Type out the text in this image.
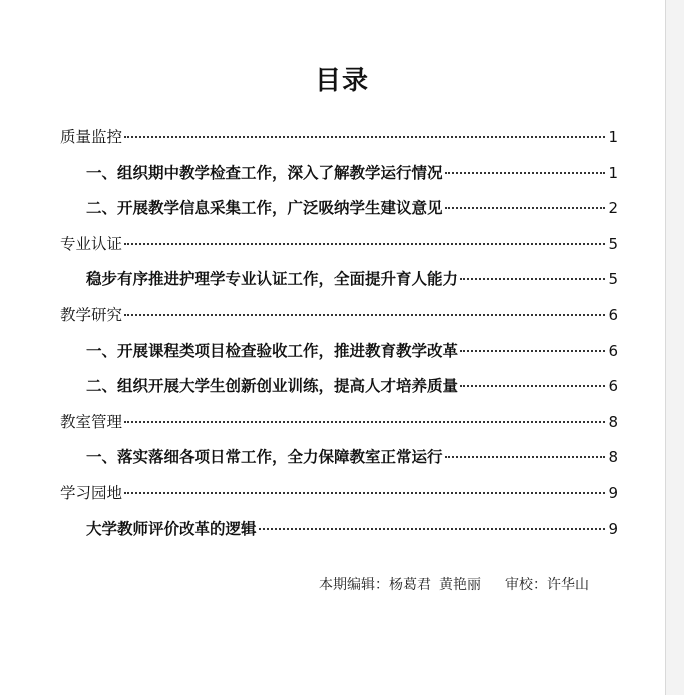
目录
质量监控	1
一、组织期中教学检查工作，深入了解教学运行情况	1
二、开展教学信息采集工作，广泛吸纳学生建议意见	2
专业认证	5
稳步有序推进护理学专业认证工作，全面提升育人能力	5
教学研究	6
一、开展课程类项目检查验收工作，推进教育教学改革	6
二、组织开展大学生创新创业训练，提高人才培养质量	6
教室管理	8
一、落实落细各项日常工作，全力保障教室正常运行	8
学习园地	9
大学教师评价改革的逻辑	9
本期编辑：杨葛君 黄艳丽 审校：许华山
